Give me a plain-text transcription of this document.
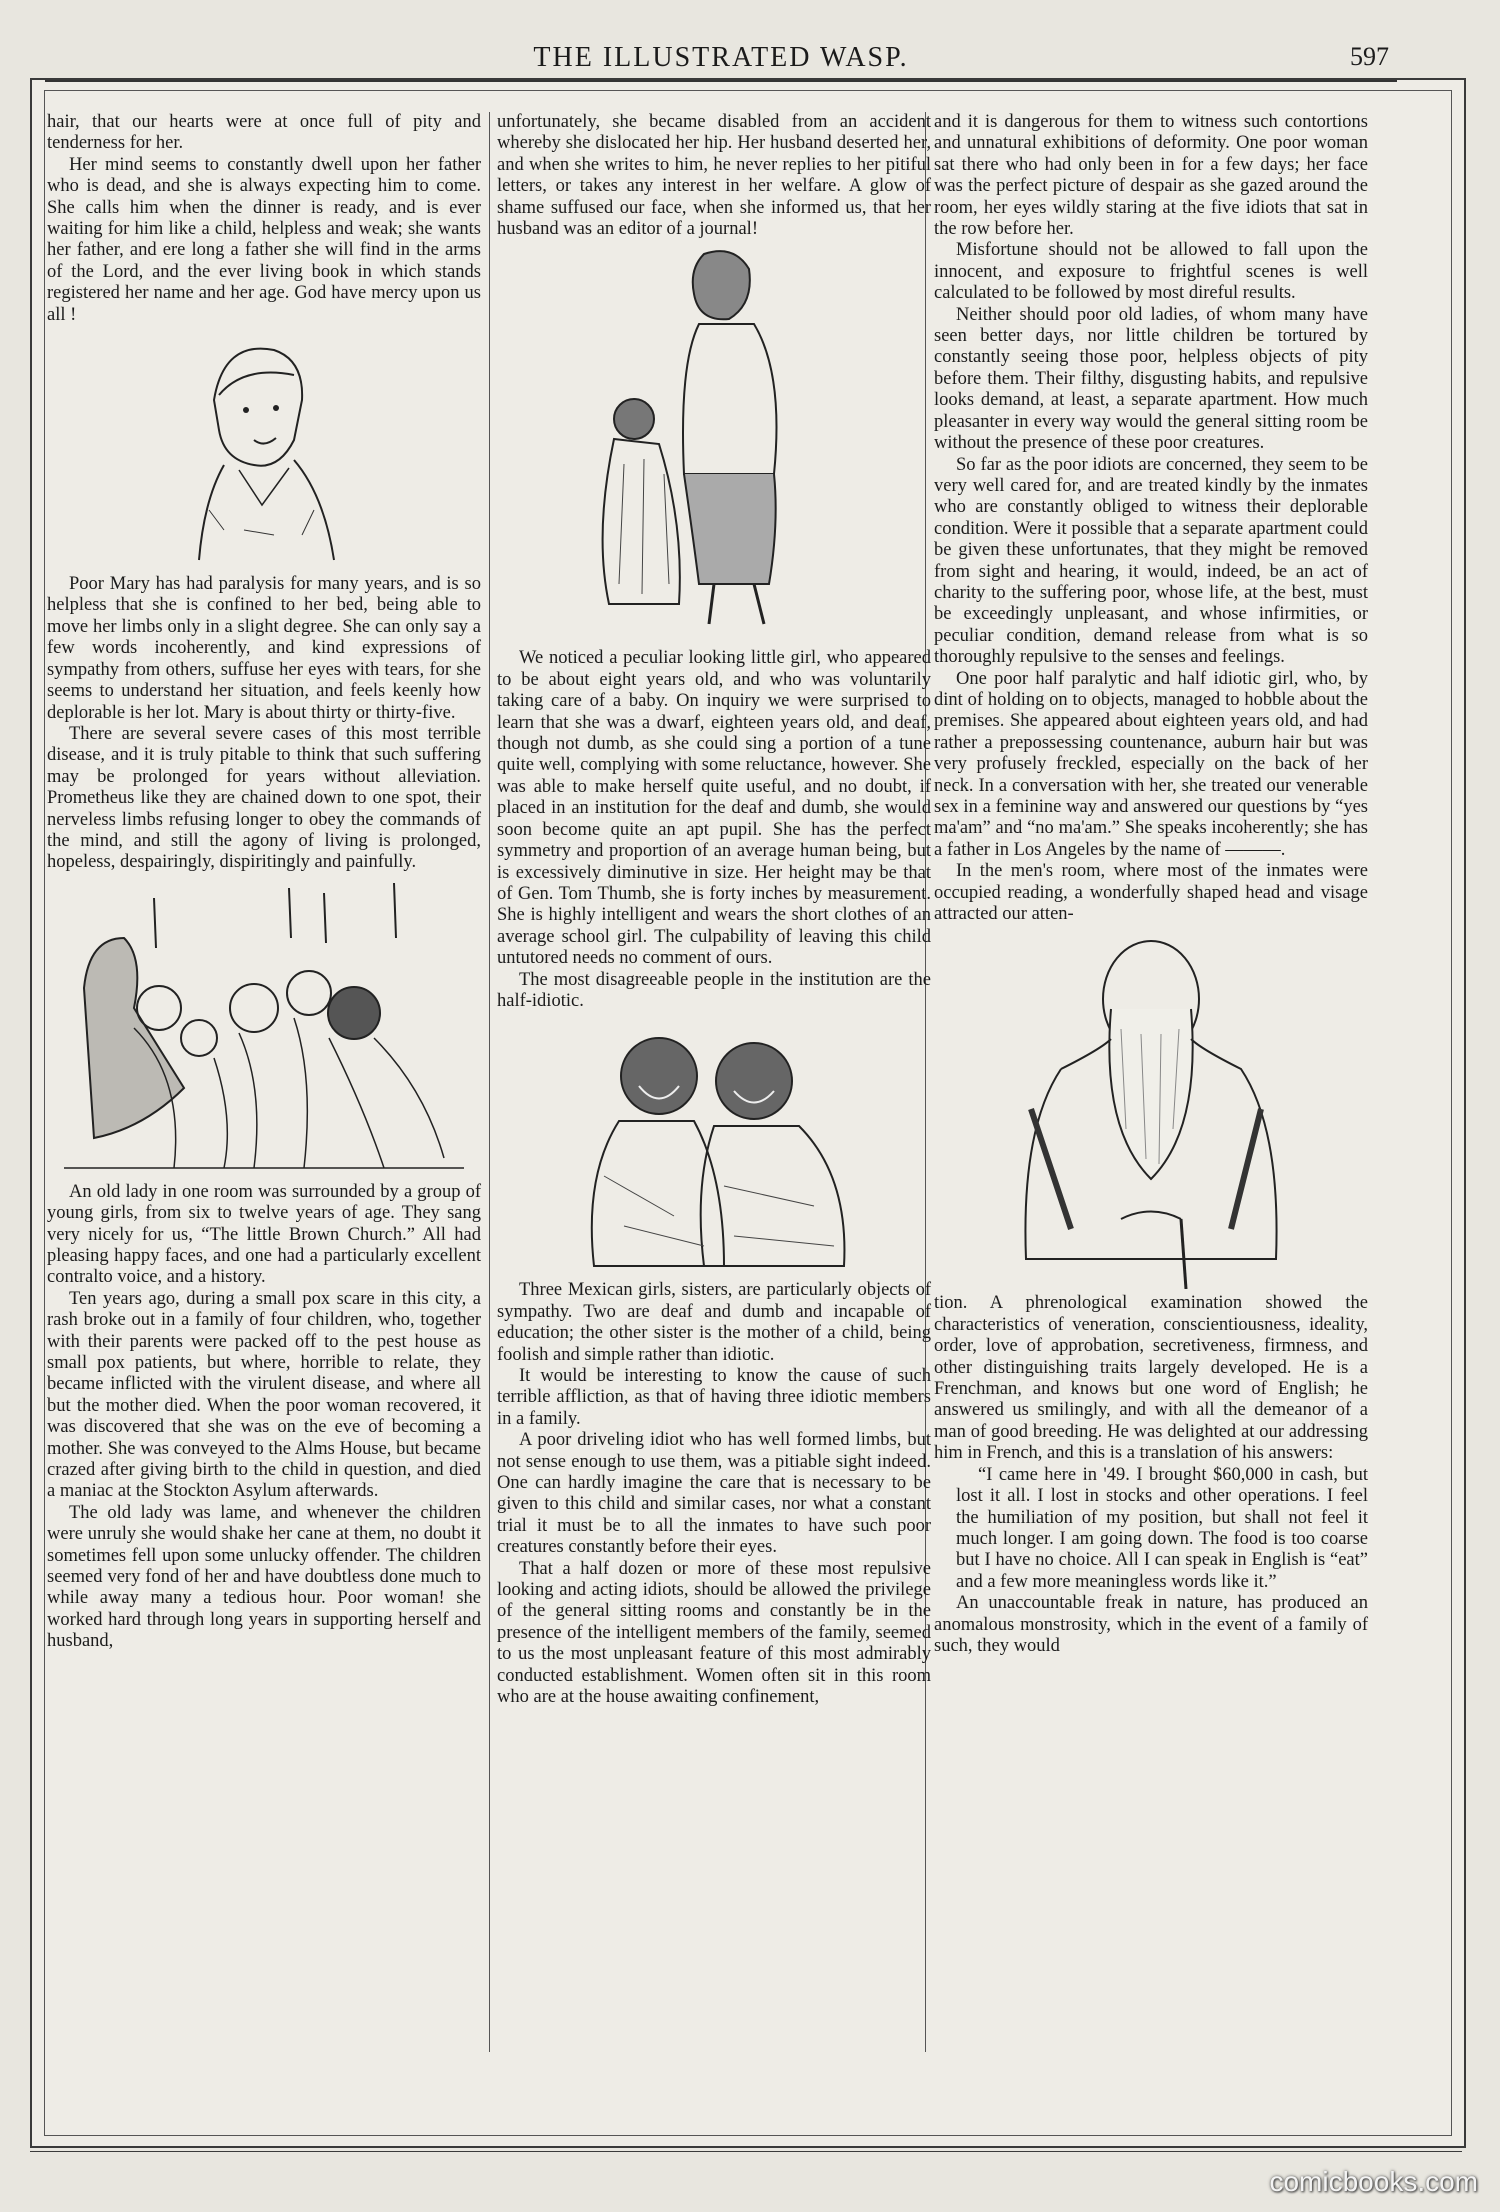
THE ILLUSTRATED WASP.	597

hair, that our hearts were at once full of pity and tenderness for her.

Her mind seems to constantly dwell upon her father who is dead, and she is always expecting him to come. She calls him when the dinner is ready, and is ever waiting for him like a child, helpless and weak; she wants her father, and ere long a father she will find in the arms of the Lord, and the ever living book in which stands registered her name and her age. God have mercy upon us all !

Poor Mary has had paralysis for many years, and is so helpless that she is confined to her bed, being able to move her limbs only in a slight degree. She can only say a few words incoherently, and kind expressions of sympathy from others, suffuse her eyes with tears, for she seems to understand her situation, and feels keenly how deplorable is her lot. Mary is about thirty or thirty-five.

There are several severe cases of this most terrible disease, and it is truly pitable to think that such suffering may be prolonged for years without alleviation. Prometheus like they are chained down to one spot, their nerveless limbs refusing longer to obey the commands of the mind, and still the agony of living is prolonged, hopeless, despairingly, dispiritingly and painfully.

An old lady in one room was surrounded by a group of young girls, from six to twelve years of age. They sang very nicely for us, “The little Brown Church.” All had pleasing happy faces, and one had a particularly excellent contralto voice, and a history.

Ten years ago, during a small pox scare in this city, a rash broke out in a family of four children, who, together with their parents were packed off to the pest house as small pox patients, but where, horrible to relate, they became inflicted with the virulent disease, and where all but the mother died. When the poor woman recovered, it was discovered that she was on the eve of becoming a mother. She was conveyed to the Alms House, but became crazed after giving birth to the child in question, and died a maniac at the Stockton Asylum afterwards.

The old lady was lame, and whenever the children were unruly she would shake her cane at them, no doubt it sometimes fell upon some unlucky offender. The children seemed very fond of her and have doubtless done much to while away many a tedious hour. Poor woman! she worked hard through long years in supporting herself and husband,

unfortunately, she became disabled from an accident whereby she dislocated her hip. Her husband deserted her, and when she writes to him, he never replies to her pitiful letters, or takes any interest in her welfare. A glow of shame suffused our face, when she informed us, that her husband was an editor of a journal!

We noticed a peculiar looking little girl, who appeared to be about eight years old, and who was voluntarily taking care of a baby. On inquiry we were surprised to learn that she was a dwarf, eighteen years old, and deaf, though not dumb, as she could sing a portion of a tune quite well, complying with some reluctance, however. She was able to make herself quite useful, and no doubt, if placed in an institution for the deaf and dumb, she would soon become quite an apt pupil. She has the perfect symmetry and proportion of an average human being, but is excessively diminutive in size. Her height may be that of Gen. Tom Thumb, she is forty inches by measurement. She is highly intelligent and wears the short clothes of an average school girl. The culpability of leaving this child untutored needs no comment of ours.

The most disagreeable people in the institution are the half-idiotic.

Three Mexican girls, sisters, are particularly objects of sympathy. Two are deaf and dumb and incapable of education; the other sister is the mother of a child, being foolish and simple rather than idiotic.

It would be interesting to know the cause of such terrible affliction, as that of having three idiotic members in a family.

A poor driveling idiot who has well formed limbs, but not sense enough to use them, was a pitiable sight indeed. One can hardly imagine the care that is necessary to be given to this child and similar cases, nor what a constant trial it must be to all the inmates to have such poor creatures constantly before their eyes.

That a half dozen or more of these most repulsive looking and acting idiots, should be allowed the privilege of the general sitting rooms and constantly be in the presence of the intelligent members of the family, seemed to us the most unpleasant feature of this most admirably conducted establishment. Women often sit in this room who are at the house awaiting confinement,

and it is dangerous for them to witness such contortions and unnatural exhibitions of deformity. One poor woman sat there who had only been in for a few days; her face was the perfect picture of despair as she gazed around the room, her eyes wildly staring at the five idiots that sat in the row before her.

Misfortune should not be allowed to fall upon the innocent, and exposure to frightful scenes is well calculated to be followed by most direful results.

Neither should poor old ladies, of whom many have seen better days, nor little children be tortured by constantly seeing those poor, helpless objects of pity before them. Their filthy, disgusting habits, and repulsive looks demand, at least, a separate apartment. How much pleasanter in every way would the general sitting room be without the presence of these poor creatures.

So far as the poor idiots are concerned, they seem to be very well cared for, and are treated kindly by the inmates who are constantly obliged to witness their deplorable condition. Were it possible that a separate apartment could be given these unfortunates, that they might be removed from sight and hearing, it would, indeed, be an act of charity to the suffering poor, whose life, at the best, must be exceedingly unpleasant, and whose infirmities, or peculiar condition, demand release from what is so thoroughly repulsive to the senses and feelings.

One poor half paralytic and half idiotic girl, who, by dint of holding on to objects, managed to hobble about the premises. She appeared about eighteen years old, and had rather a prepossessing countenance, auburn hair but was very profusely freckled, especially on the back of her neck. In a conversation with her, she treated our venerable sex in a feminine way and answered our questions by “yes ma'am” and “no ma'am.” She speaks incoherently; she has a father in Los Angeles by the name of ———.

In the men's room, where most of the inmates were occupied reading, a wonderfully shaped head and visage attracted our atten-

tion. A phrenological examination showed the characteristics of veneration, conscientiousness, ideality, order, love of approbation, secretiveness, firmness, and other distinguishing traits largely developed. He is a Frenchman, and knows but one word of English; he answered us smilingly, and with all the demeanor of a man of good breeding. He was delighted at our addressing him in French, and this is a translation of his answers:

“I came here in '49. I brought $60,000 in cash, but lost it all. I lost in stocks and other operations. I feel the humiliation of my position, but shall not feel it much longer. I am going down. The food is too coarse but I have no choice. All I can speak in English is “eat” and a few more meaningless words like it.”

An unaccountable freak in nature, has produced an anomalous monstrosity, which in the event of a family of such, they would

comicbooks.com
